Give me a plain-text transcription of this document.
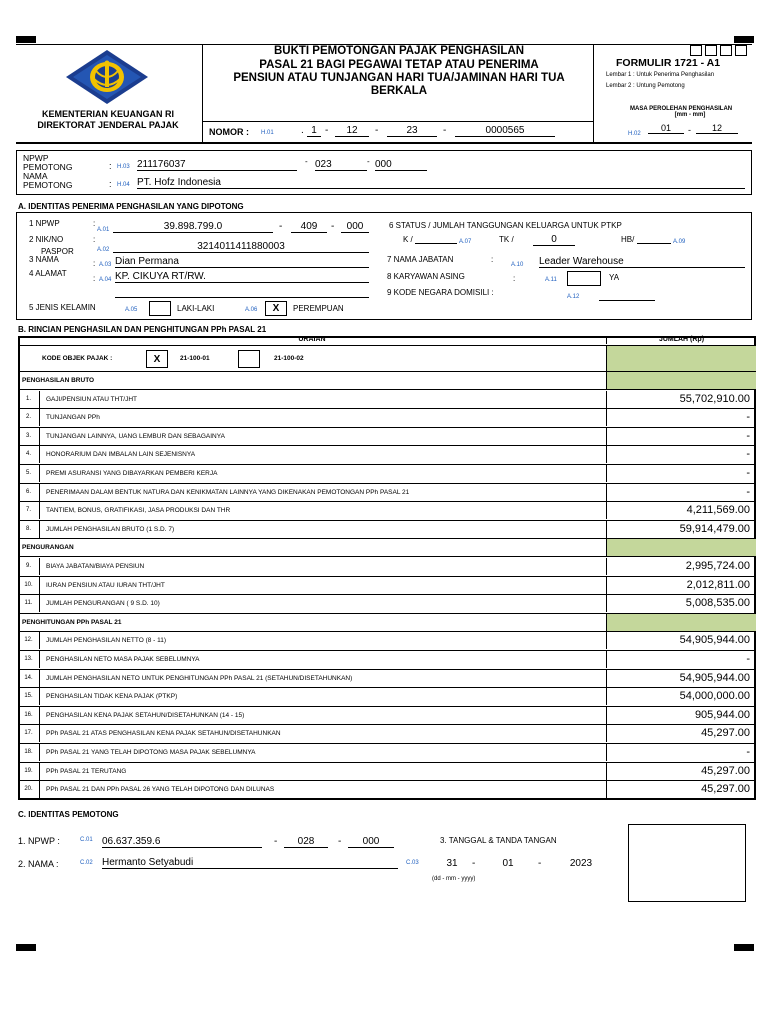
KEMENTERIAN KEUANGAN RI
DIREKTORAT JENDERAL PAJAK
BUKTI PEMOTONGAN PAJAK PENGHASILAN
PASAL 21 BAGI PEGAWAI TETAP ATAU PENERIMA
PENSIUN ATAU TUNJANGAN HARI TUA/JAMINAN HARI TUA
BERKALA
NOMOR : H.01	. 1 -	12	-	23	-	0000565
FORMULIR 1721 - A1
Lembar 1 : Untuk Penerima Penghasilan
Lembar 2 : Untung Pemotong
MASA PEROLEHAN PENGHASILAN
[mm - mm]
H.02
01	-	12
NPWP
PEMOTONG	: H.03 211176037	- 023	- 000
NAMA
PEMOTONG	: H.04 PT. Hofz Indonesia
A. IDENTITAS PENERIMA PENGHASILAN YANG DIPOTONG
1 NPWP	:
A.01	39.898.799.0	-	409	-	000
2 NIK/NO	:
PASPOR	A.02	3214011411880003
3 NAMA	: A.03 Dian Permana
4 ALAMAT
: A.04 KP. CIKUYA RT/RW.
5 JENIS KELAMIN	A.05	LAKI-LAKI	A.06	X	PEREMPUAN
6 STATUS / JUMLAH TANGGUNGAN KELUARGA UNTUK PTKP
K /	A.07	TK /	0	HB/	A.09
7 NAMA JABATAN	:
A.10 Leader Warehouse
8 KARYAWAN ASING	:	A.11	YA
9 KODE NEGARA DOMISILI :	A.12
B. RINCIAN PENGHASILAN DAN PENGHITUNGAN PPh PASAL 21
URAIAN	JUMLAH (Rp)
KODE OBJEK PAJAK :	X	21-100-01	21-100-02
PENGHASILAN BRUTO
1.	GAJI/PENSIUN ATAU THT/JHT	55,702,910.00
2.	TUNJANGAN PPh	-
3.	TUNJANGAN LAINNYA, UANG LEMBUR DAN SEBAGAINYA	-
4.	HONORARIUM DAN IMBALAN LAIN SEJENISNYA	-
5.	PREMI ASURANSI YANG DIBAYARKAN PEMBERI KERJA	-
6.	PENERIMAAN DALAM BENTUK NATURA DAN KENIKMATAN LAINNYA YANG DIKENAKAN PEMOTONGAN PPh PASAL 21	-
7.	TANTIEM, BONUS, GRATIFIKASI, JASA PRODUKSI DAN THR	4,211,569.00
8.	JUMLAH PENGHASILAN BRUTO (1 S.D. 7)	59,914,479.00
PENGURANGAN
9.	BIAYA JABATAN/BIAYA PENSIUN	2,995,724.00
10.	IURAN PENSIUN ATAU IURAN THT/JHT	2,012,811.00
11.	JUMLAH PENGURANGAN ( 9 S.D. 10)	5,008,535.00
PENGHITUNGAN PPh PASAL 21
12.	JUMLAH PENGHASILAN NETTO (8 - 11)	54,905,944.00
13.	PENGHASILAN NETO MASA PAJAK SEBELUMNYA	-
14.	JUMLAH PENGHASILAN NETO UNTUK PENGHITUNGAN PPh PASAL 21 (SETAHUN/DISETAHUNKAN)	54,905,944.00
15.	PENGHASILAN TIDAK KENA PAJAK (PTKP)	54,000,000.00
16.	PENGHASILAN KENA PAJAK SETAHUN/DISETAHUNKAN (14 - 15)	905,944.00
17.	PPh PASAL 21 ATAS PENGHASILAN KENA PAJAK SETAHUN/DISETAHUNKAN	45,297.00
18.	PPh PASAL 21 YANG TELAH DIPOTONG MASA PAJAK SEBELUMNYA	-
19.	PPh PASAL 21 TERUTANG	45,297.00
20.	PPh PASAL 21 DAN PPh PASAL 26 YANG TELAH DIPOTONG DAN DILUNAS	45,297.00
C. IDENTITAS PEMOTONG
1. NPWP :	C.01 06.637.359.6	-	028	-	000
2. NAMA :	C.02 Hermanto Setyabudi
3. TANGGAL & TANDA TANGAN
C.03	31	-	01	-	2023
(dd - mm - yyyy)
